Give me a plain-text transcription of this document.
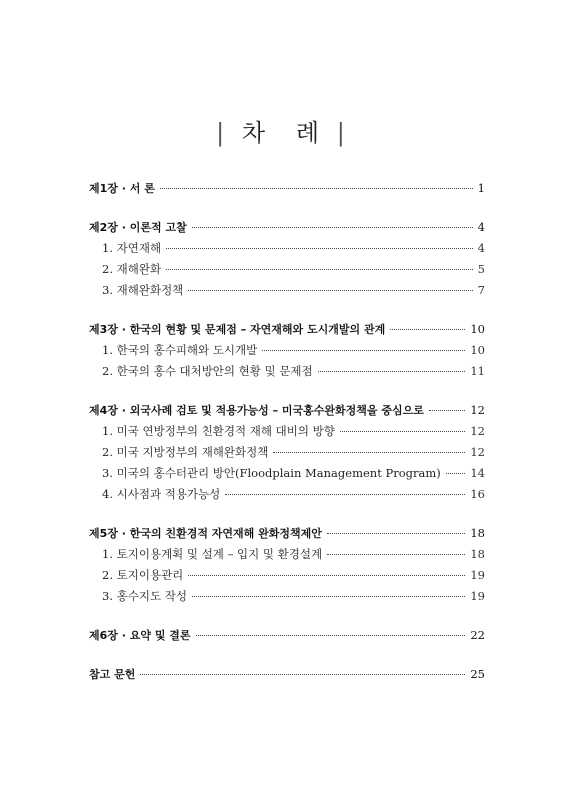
| 차   례 |
제1장 · 서 론	1
제2장 · 이론적 고찰	4
1. 자연재해	4
2. 재해완화	5
3. 재해완화정책	7
제3장 · 한국의 현황 및 문제점 – 자연재해와 도시개발의 관계	10
1. 한국의 홍수피해와 도시개발	10
2. 한국의 홍수 대처방안의 현황 및 문제점	11
제4장 · 외국사례 검토 및 적용가능성 – 미국홍수완화정책을 중심으로	12
1. 미국 연방정부의 친환경적 재해 대비의 방향	12
2. 미국 지방정부의 재해완화정책	12
3. 미국의 홍수터관리 방안(Floodplain Management Program)	14
4. 시사점과 적용가능성	16
제5장 · 한국의 친환경적 자연재해 완화정책제안	18
1. 토지이용계획 및 설계 – 입지 및 환경설계	18
2. 토지이용관리	19
3. 홍수지도 작성	19
제6장 · 요약 및 결론	22
참고 문헌	25
